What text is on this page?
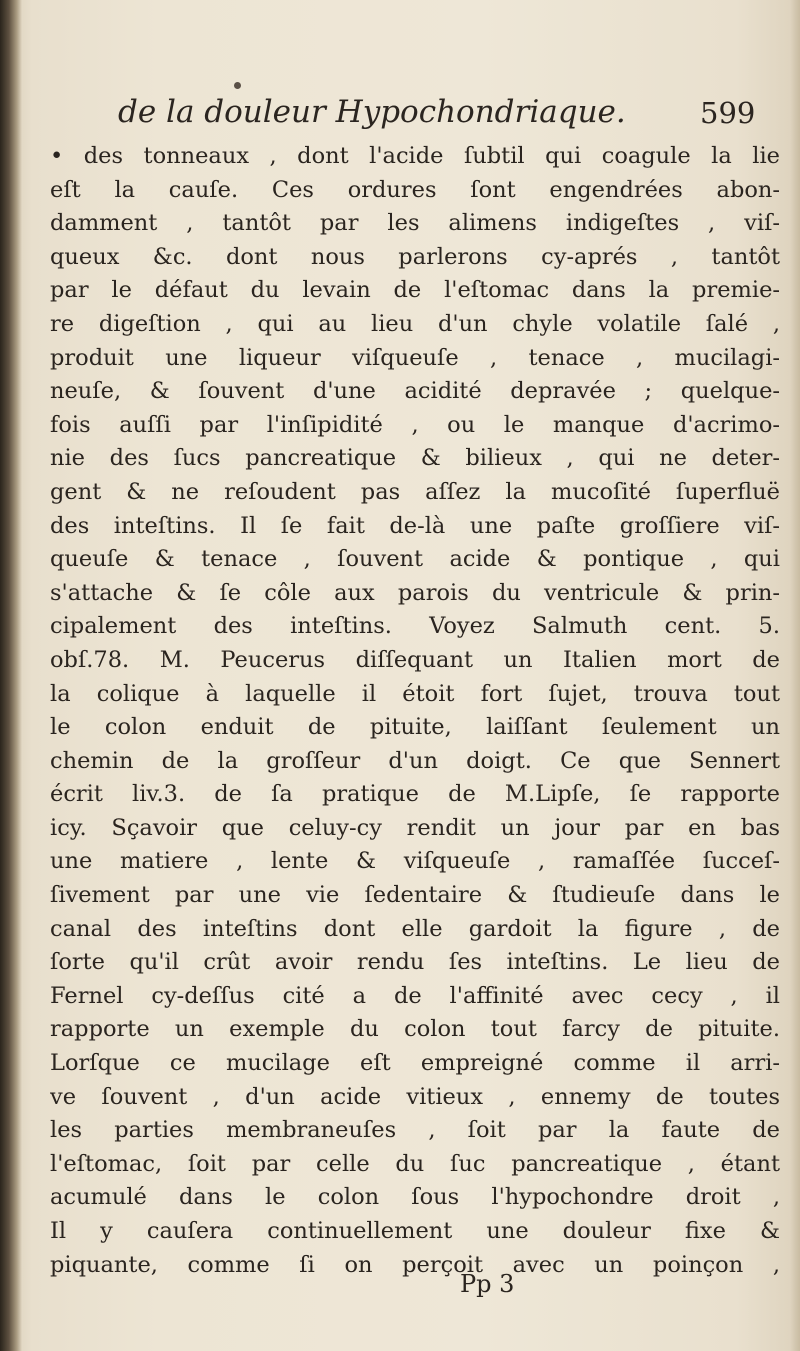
de la douleur Hypochondriaque.	599
• des tonneaux , dont l'acide ſubtil qui coagule la lie
eſt la cauſe. Ces ordures ſont engendrées abon-
damment , tantôt par les alimens indigeſtes , viſ-
queux &c. dont nous parlerons cy-aprés , tantôt
par le défaut du levain de l'eſtomac dans la premie-
re digeſtion , qui au lieu d'un chyle volatile ſalé ,
produit une liqueur viſqueuſe , tenace , mucilagi-
neuſe, & ſouvent d'une acidité depravée ; quelque-
fois auſſi par l'inſipidité , ou le manque d'acrimo-
nie des ſucs pancreatique & bilieux , qui ne deter-
gent & ne reſoudent pas aſſez la mucoſité ſuperfluë
des inteſtins. Il ſe fait de-là une paſte groſſiere viſ-
queuſe & tenace , ſouvent acide & pontique , qui
s'attache & ſe côle aux parois du ventricule & prin-
cipalement des inteſtins. Voyez Salmuth cent. 5.
obſ.78. M. Peucerus diſſequant un Italien mort de
la colique à laquelle il étoit fort ſujet, trouva tout
le colon enduit de pituite, laiſſant ſeulement un
chemin de la groſſeur d'un doigt. Ce que Sennert
écrit liv.3. de ſa pratique de M.Lipſe, ſe rapporte
icy. Sçavoir que celuy-cy rendit un jour par en bas
une matiere , lente & viſqueuſe , ramaſſée ſucceſ-
ſivement par une vie ſedentaire & ſtudieuſe dans le
canal des inteſtins dont elle gardoit la figure , de
ſorte qu'il crût avoir rendu ſes inteſtins. Le lieu de
Fernel cy-deſſus cité a de l'affinité avec cecy , il
rapporte un exemple du colon tout farcy de pituite.
Lorſque ce mucilage eſt empreigné comme il arri-
ve ſouvent , d'un acide vitieux , ennemy de toutes
les parties membraneuſes , ſoit par la faute de
l'eſtomac, ſoit par celle du ſuc pancreatique , étant
acumulé dans le colon ſous l'hypochondre droit ,
Il y cauſera continuellement une douleur fixe &
piquante, comme ſi on perçoit avec un poinçon ,
Pp 3
